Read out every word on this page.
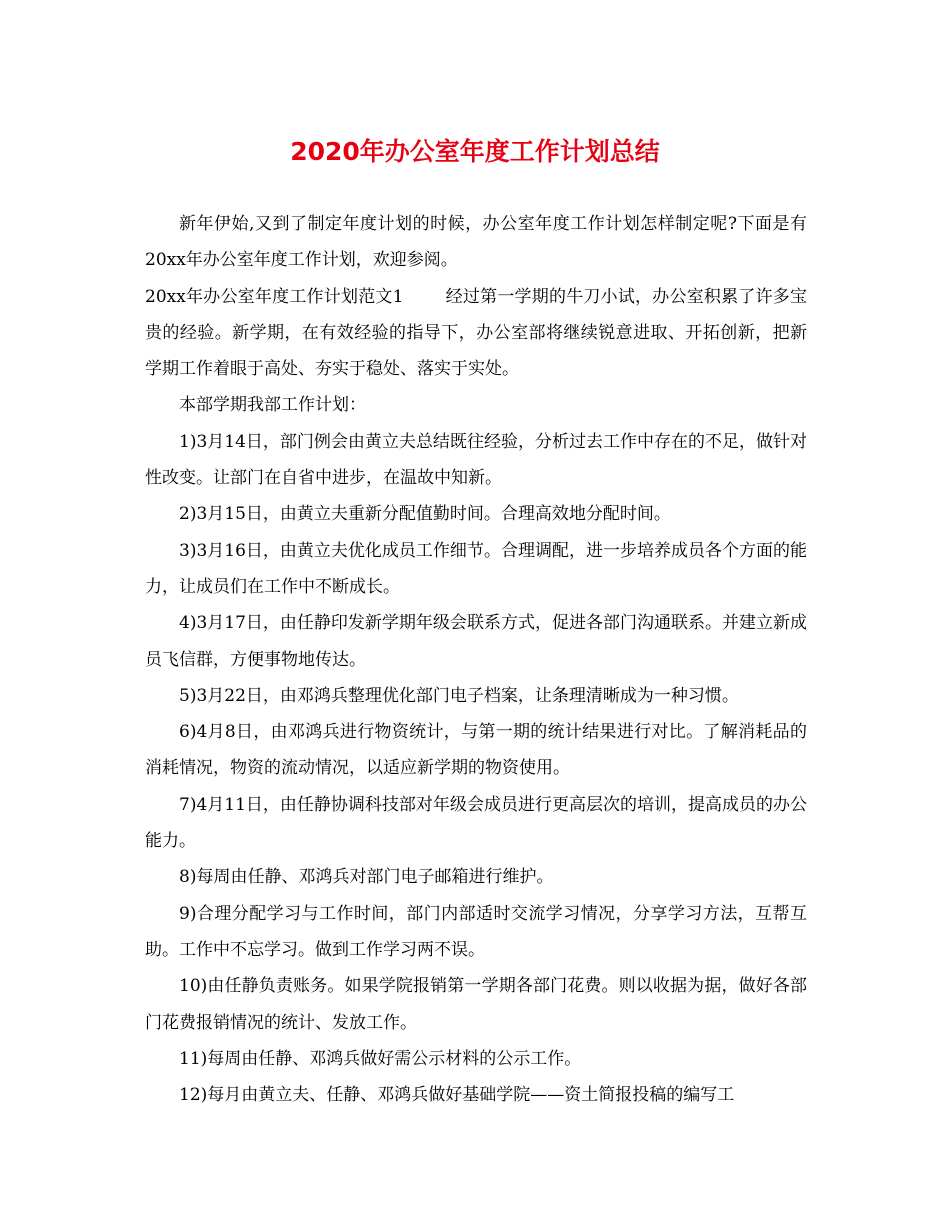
2020年办公室年度工作计划总结

新年伊始,又到了制定年度计划的时候，办公室年度工作计划怎样制定呢?下面是有20xx年办公室年度工作计划，欢迎参阅。

20xx年办公室年度工作计划范文1 经过第一学期的牛刀小试，办公室积累了许多宝贵的经验。新学期，在有效经验的指导下，办公室部将继续锐意进取、开拓创新，把新学期工作着眼于高处、夯实于稳处、落实于实处。

本部学期我部工作计划：

1)3月14日，部门例会由黄立夫总结既往经验，分析过去工作中存在的不足，做针对性改变。让部门在自省中进步，在温故中知新。

2)3月15日，由黄立夫重新分配值勤时间。合理高效地分配时间。

3)3月16日，由黄立夫优化成员工作细节。合理调配，进一步培养成员各个方面的能力，让成员们在工作中不断成长。

4)3月17日，由任静印发新学期年级会联系方式，促进各部门沟通联系。并建立新成员飞信群，方便事物地传达。

5)3月22日，由邓鸿兵整理优化部门电子档案，让条理清晰成为一种习惯。

6)4月8日，由邓鸿兵进行物资统计，与第一期的统计结果进行对比。了解消耗品的消耗情况，物资的流动情况，以适应新学期的物资使用。

7)4月11日，由任静协调科技部对年级会成员进行更高层次的培训，提高成员的办公能力。

8)每周由任静、邓鸿兵对部门电子邮箱进行维护。

9)合理分配学习与工作时间，部门内部适时交流学习情况，分享学习方法，互帮互助。工作中不忘学习。做到工作学习两不误。

10)由任静负责账务。如果学院报销第一学期各部门花费。则以收据为据，做好各部门花费报销情况的统计、发放工作。

11)每周由任静、邓鸿兵做好需公示材料的公示工作。

12)每月由黄立夫、任静、邓鸿兵做好基础学院——资土简报投稿的编写工
